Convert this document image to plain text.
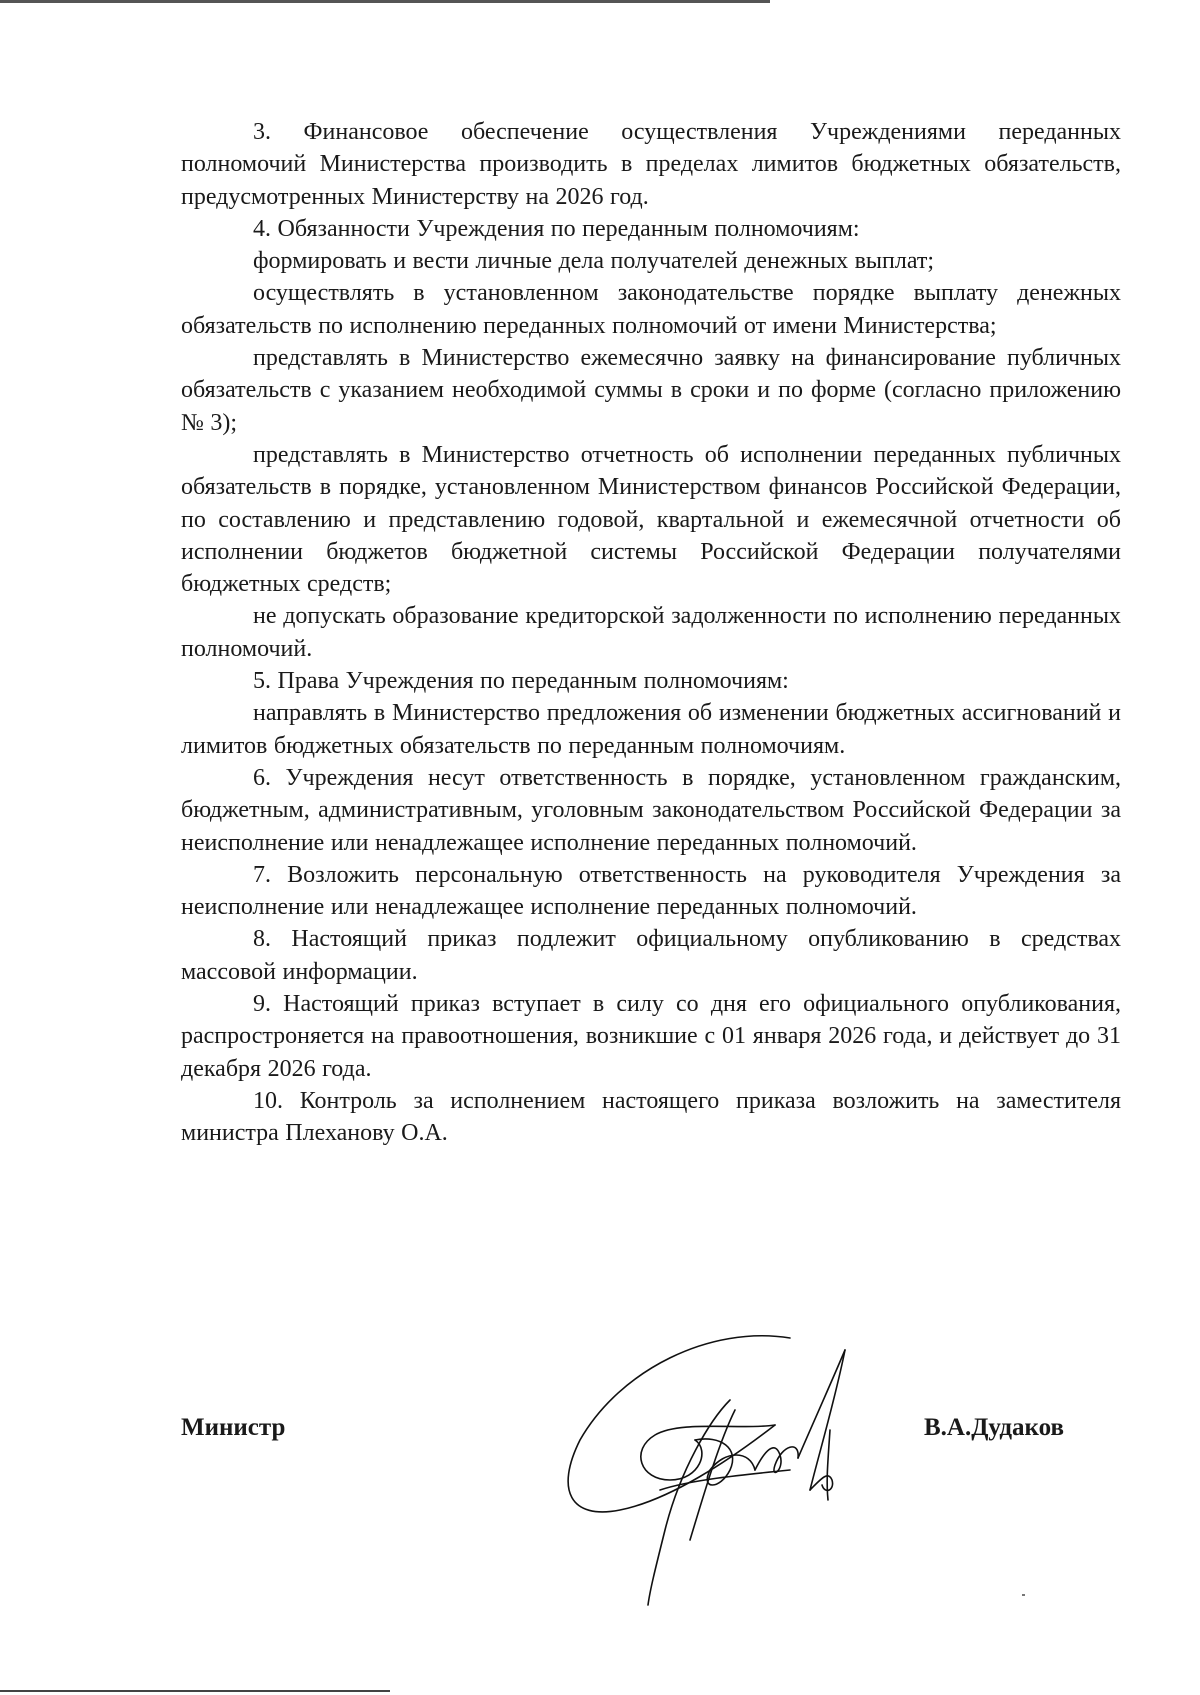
3. Финансовое обеспечение осуществления Учреждениями переданных полномочий Министерства производить в пределах лимитов бюджетных обязательств, предусмотренных Министерству на 2026 год.

4. Обязанности Учреждения по переданным полномочиям:

формировать и вести личные дела получателей денежных выплат;

осуществлять в установленном законодательстве порядке выплату денежных обязательств по исполнению переданных полномочий от имени Министерства;

представлять в Министерство ежемесячно заявку на финансирование публичных обязательств с указанием необходимой суммы в сроки и по форме (согласно приложению № 3);

представлять в Министерство отчетность об исполнении переданных публичных обязательств в порядке, установленном Министерством финансов Российской Федерации, по составлению и представлению годовой, квартальной и ежемесячной отчетности об исполнении бюджетов бюджетной системы Российской Федерации получателями бюджетных средств;

не допускать образование кредиторской задолженности по исполнению переданных полномочий.

5. Права Учреждения по переданным полномочиям:

направлять в Министерство предложения об изменении бюджетных ассигнований и лимитов бюджетных обязательств по переданным полномочиям.

6. Учреждения несут ответственность в порядке, установленном гражданским, бюджетным, административным, уголовным законодательством Российской Федерации за неисполнение или ненадлежащее исполнение переданных полномочий.

7. Возложить персональную ответственность на руководителя Учреждения за неисполнение или ненадлежащее исполнение переданных полномочий.

8. Настоящий приказ подлежит официальному опубликованию в средствах массовой информации.

9. Настоящий приказ вступает в силу со дня его официального опубликования, распростроняется на правоотношения, возникшие с 01 января 2026 года, и действует до 31 декабря 2026 года.

10. Контроль за исполнением настоящего приказа возложить на заместителя министра Плеханову О.А.

Министр	В.А.Дудаков
